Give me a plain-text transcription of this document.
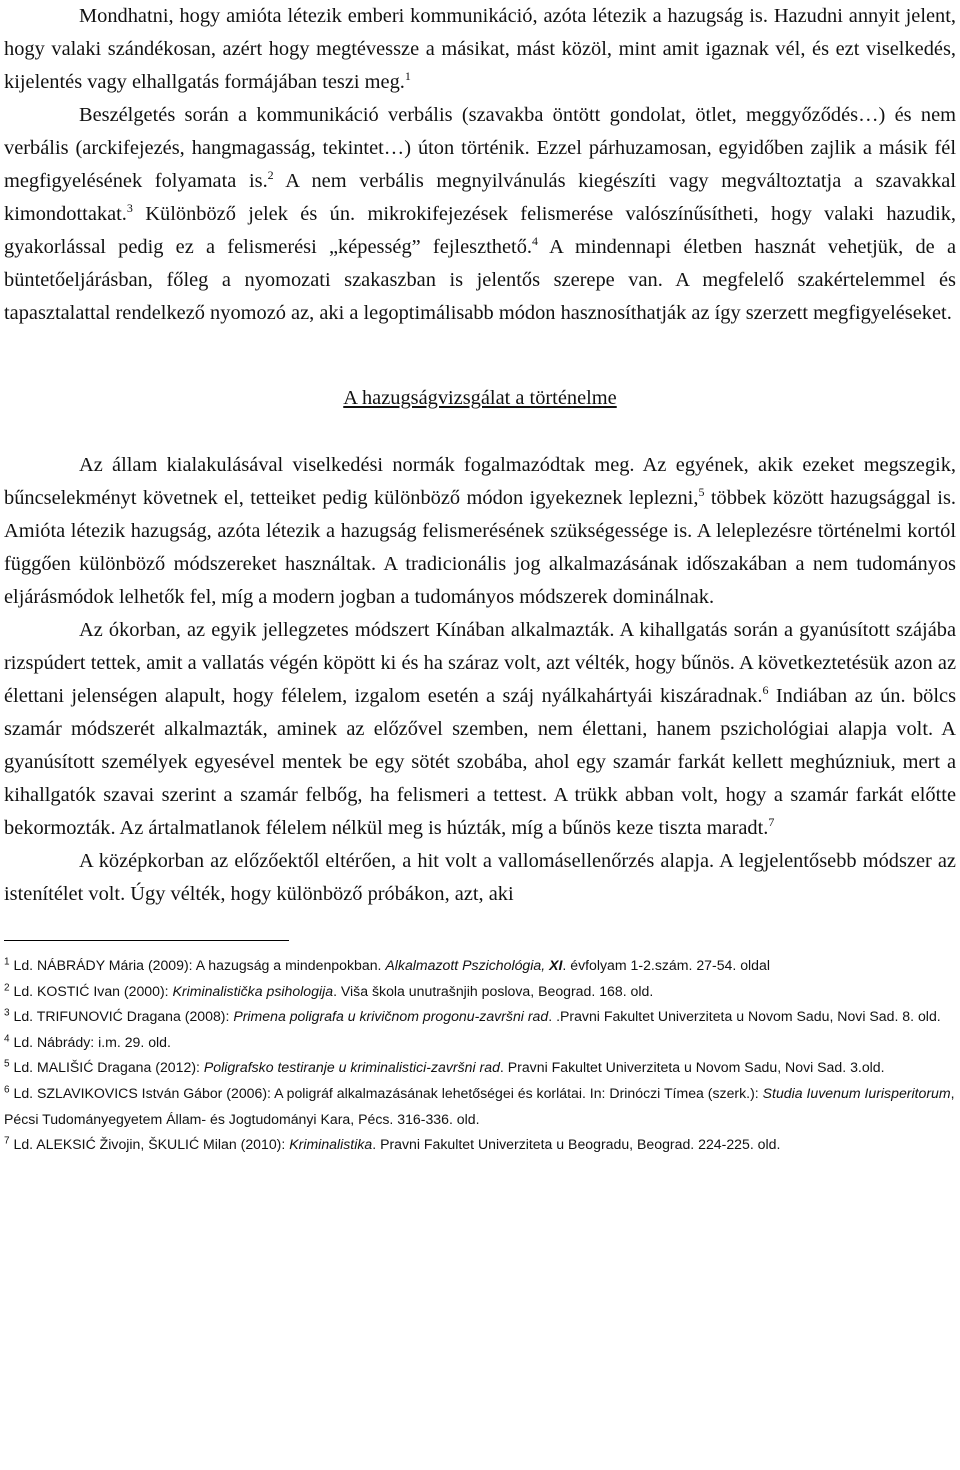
Mondhatni, hogy amióta létezik emberi kommunikáció, azóta létezik a hazugság is. Hazudni annyit jelent, hogy valaki szándékosan, azért hogy megtévessze a másikat, mást közöl, mint amit igaznak vél, és ezt viselkedés, kijelentés vagy elhallgatás formájában teszi meg.$^1$

Beszélgetés során a kommunikáció verbális (szavakba öntött gondolat, ötlet, meggyőződés…) és nem verbális (arckifejezés, hangmagasság, tekintet…) úton történik. Ezzel párhuzamosan, egyidőben zajlik a másik fél megfigyelésének folyamata is.$^2$ A nem verbális megnyilvánulás kiegészíti vagy megváltoztatja a szavakkal kimondottakat.$^3$ Különböző jelek és ún. mikrokifejezések felismerése valószínűsítheti, hogy valaki hazudik, gyakorlással pedig ez a felismerési „képesség” fejleszthető.$^4$ A mindennapi életben hasznát vehetjük, de a büntetőeljárásban, főleg a nyomozati szakaszban is jelentős szerepe van. A megfelelő szakértelemmel és tapasztalattal rendelkező nyomozó az, aki a legoptimálisabb módon hasznosíthatják az így szerzett megfigyeléseket.

A hazugságvizsgálat a történelme

Az állam kialakulásával viselkedési normák fogalmazódtak meg. Az egyének, akik ezeket megszegik, bűncselekményt követnek el, tetteiket pedig különböző módon igyekeznek leplezni,$^5$ többek között hazugsággal is. Amióta létezik hazugság, azóta létezik a hazugság felismerésének szükségessége is. A leleplezésre történelmi kortól függően különböző módszereket használtak. A tradicionális jog alkalmazásának időszakában a nem tudományos eljárásmódok lelhetők fel, míg a modern jogban a tudományos módszerek dominálnak.

Az ókorban, az egyik jellegzetes módszert Kínában alkalmazták. A kihallgatás során a gyanúsított szájába rizspúdert tettek, amit a vallatás végén köpött ki és ha száraz volt, azt vélték, hogy bűnös. A következtetésük azon az élettani jelenségen alapult, hogy félelem, izgalom esetén a száj nyálkahártyái kiszáradnak.$^6$ Indiában az ún. bölcs szamár módszerét alkalmazták, aminek az előzővel szemben, nem élettani, hanem pszichológiai alapja volt. A gyanúsított személyek egyesével mentek be egy sötét szobába, ahol egy szamár farkát kellett meghúzniuk, mert a kihallgatók szavai szerint a szamár felbőg, ha felismeri a tettest. A trükk abban volt, hogy a szamár farkát előtte bekormozták. Az ártalmatlanok félelem nélkül meg is húzták, míg a bűnös keze tiszta maradt.$^7$

A középkorban az előzőektől eltérően, a hit volt a vallomásellenőrzés alapja. A legjelentősebb módszer az istenítélet volt. Úgy vélték, hogy különböző próbákon, azt, aki

$^1$ Ld. NÁBRÁDY Mária (2009): A hazugság a mindenpokban. Alkalmazott Pszichológia, XI. évfolyam 1-2.szám. 27-54. oldal

$^2$ Ld. KOSTIĆ Ivan (2000): Kriminalistička psihologija. Viša škola unutrašnjih poslova, Beograd. 168. old.

$^3$ Ld. TRIFUNOVIĆ Dragana (2008): Primena poligrafa u krivičnom progonu-završni rad. .Pravni Fakultet Univerziteta u Novom Sadu, Novi Sad. 8. old.

$^4$ Ld. Nábrády: i.m. 29. old.

$^5$ Ld. MALIŠIĆ Dragana (2012): Poligrafsko testiranje u kriminalistici-završni rad. Pravni Fakultet Univerziteta u Novom Sadu, Novi Sad. 3.old.

$^6$ Ld. SZLAVIKOVICS István Gábor (2006): A poligráf alkalmazásának lehetőségei és korlátai. In: Drinóczi Tímea (szerk.): Studia Iuvenum Iurisperitorum, Pécsi Tudományegyetem Állam- és Jogtudományi Kara, Pécs. 316-336. old.

$^7$ Ld. ALEKSIĆ Živojin, ŠKULIĆ Milan (2010): Kriminalistika. Pravni Fakultet Univerziteta u Beogradu, Beograd. 224-225. old.
